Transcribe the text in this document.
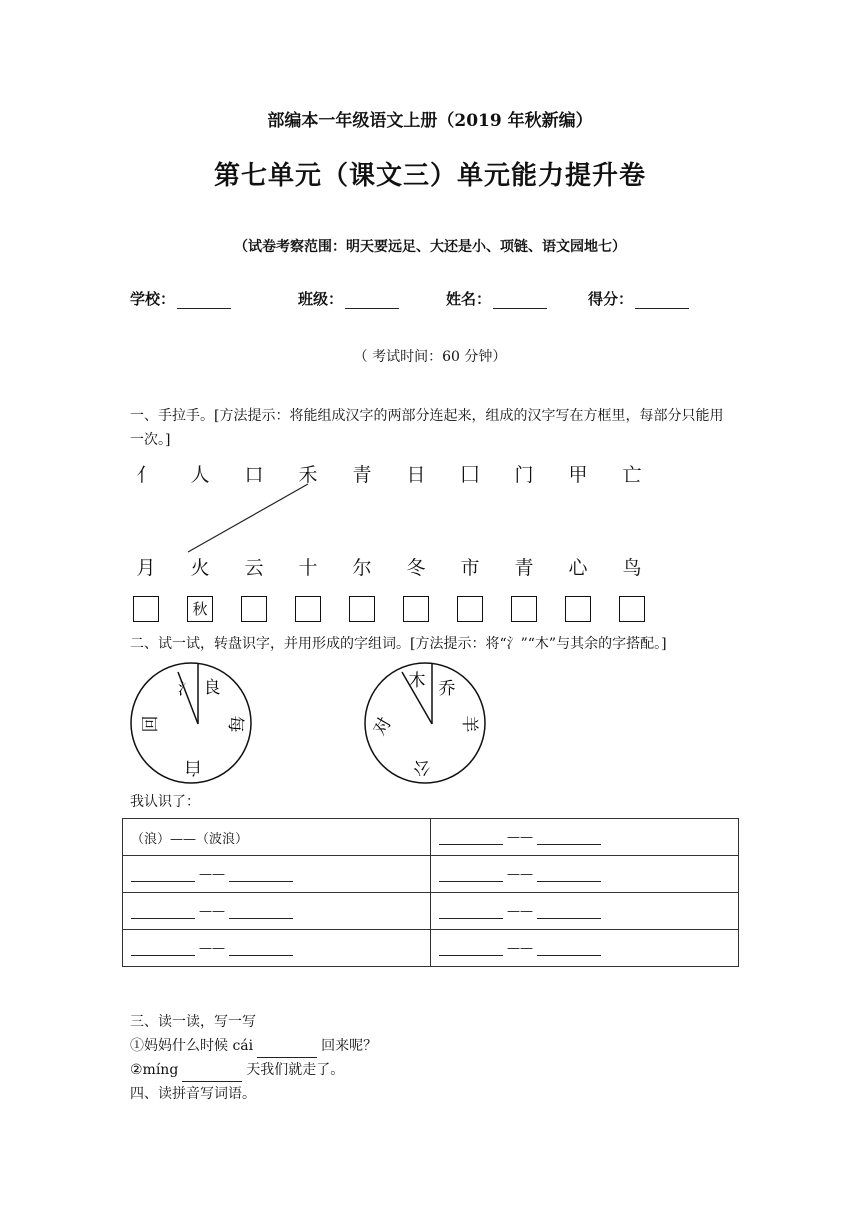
部编本一年级语文上册（2019 年秋新编）
第七单元（课文三）单元能力提升卷
（试卷考察范围：明天要远足、大还是小、项链、语文园地七）
学校：	班级：	姓名：	得分：
（ 考试时间：60 分钟）
一、手拉手。[方法提示：将能组成汉字的两部分连起来，组成的汉字写在方框里，每部分只能用一次。]
亻 人 口 禾 青 日 囗 门 甲 亡
月 火 云 十 尔 冬 市 青 心 鸟
秋
二、试一试，转盘识字，并用形成的字组词。[方法提示：将“氵”“木”与其余的字搭配。]
氵 良
每
白
回
木 乔
羊
公
对
我认识了：
（浪）——（波浪）	——
——	——
——	——
——	——
三、读一读，写一写
①妈妈什么时候 cái	回来呢？
②míng	天我们就走了。
四、读拼音写词语。
